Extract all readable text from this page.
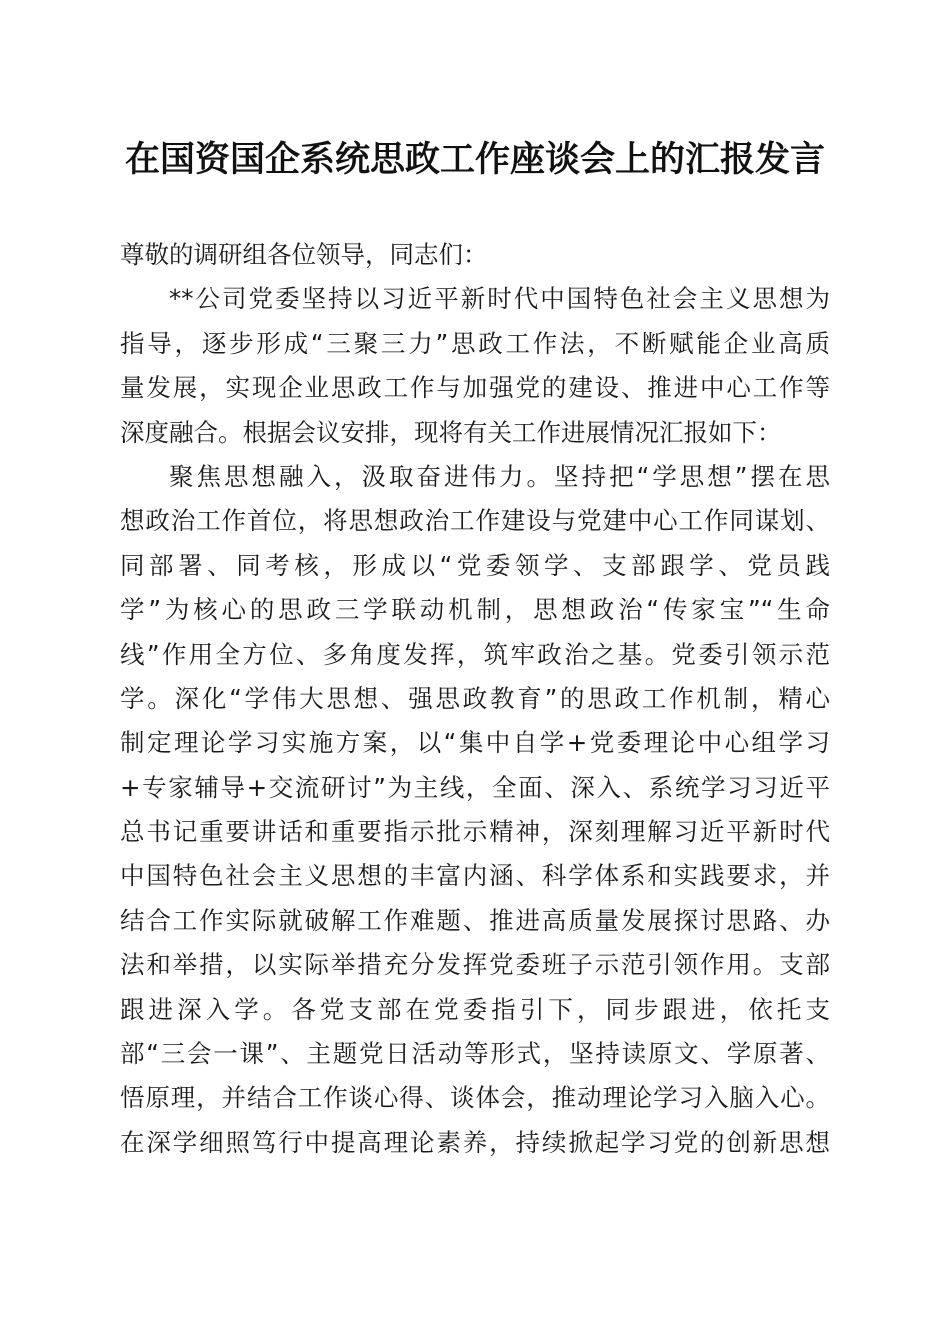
在国资国企系统思政工作座谈会上的汇报发言
尊敬的调研组各位领导，同志们：
**公司党委坚持以习近平新时代中国特色社会主义思想为
指导，逐步形成“三聚三力”思政工作法，不断赋能企业高质
量发展，实现企业思政工作与加强党的建设、推进中心工作等
深度融合。根据会议安排，现将有关工作进展情况汇报如下：
聚焦思想融入，汲取奋进伟力。坚持把“学思想”摆在思
想政治工作首位，将思想政治工作建设与党建中心工作同谋划、
同部署、同考核，形成以“党委领学、支部跟学、党员践
学”为核心的思政三学联动机制，思想政治“传家宝”“生命
线”作用全方位、多角度发挥，筑牢政治之基。党委引领示范
学。深化“学伟大思想、强思政教育”的思政工作机制，精心
制定理论学习实施方案，以“集中自学+党委理论中心组学习
+专家辅导+交流研讨”为主线，全面、深入、系统学习习近平
总书记重要讲话和重要指示批示精神，深刻理解习近平新时代
中国特色社会主义思想的丰富内涵、科学体系和实践要求，并
结合工作实际就破解工作难题、推进高质量发展探讨思路、办
法和举措，以实际举措充分发挥党委班子示范引领作用。支部
跟进深入学。各党支部在党委指引下，同步跟进，依托支
部“三会一课”、主题党日活动等形式，坚持读原文、学原著、
悟原理，并结合工作谈心得、谈体会，推动理论学习入脑入心。
在深学细照笃行中提高理论素养，持续掀起学习党的创新思想
